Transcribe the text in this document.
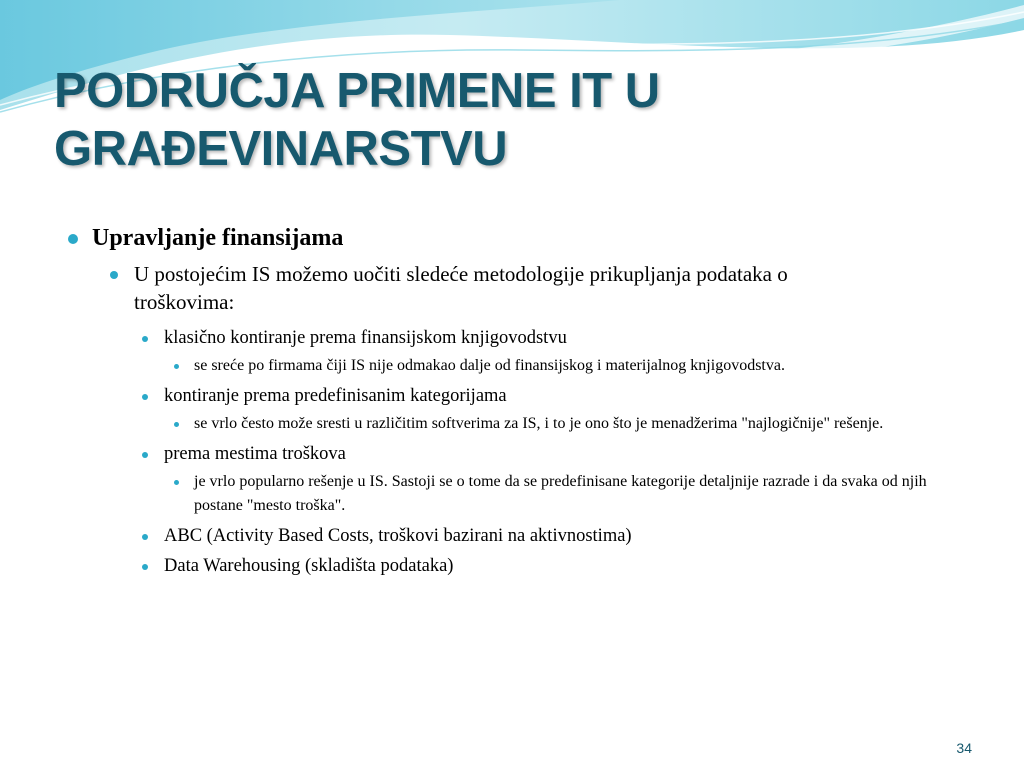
PODRUČJA PRIMENE IT U GRAĐEVINARSTVU
Upravljanje finansijama
U postojećim IS možemo uočiti sledeće metodologije prikupljanja podataka o troškovima:
klasično kontiranje prema finansijskom knjigovodstvu
se sreće po firmama čiji IS nije odmakao dalje od finansijskog i materijalnog knjigovodstva.
kontiranje prema predefinisanim kategorijama
se vrlo često može sresti u različitim softverima za IS, i to je ono što je menadžerima "najlogičnije" rešenje.
prema mestima troškova
je vrlo popularno rešenje u IS. Sastoji se o tome da se predefinisane kategorije detaljnije razrade i da svaka od njih postane "mesto troška".
ABC (Activity Based Costs, troškovi bazirani na aktivnostima)
Data Warehousing (skladišta podataka)
34
